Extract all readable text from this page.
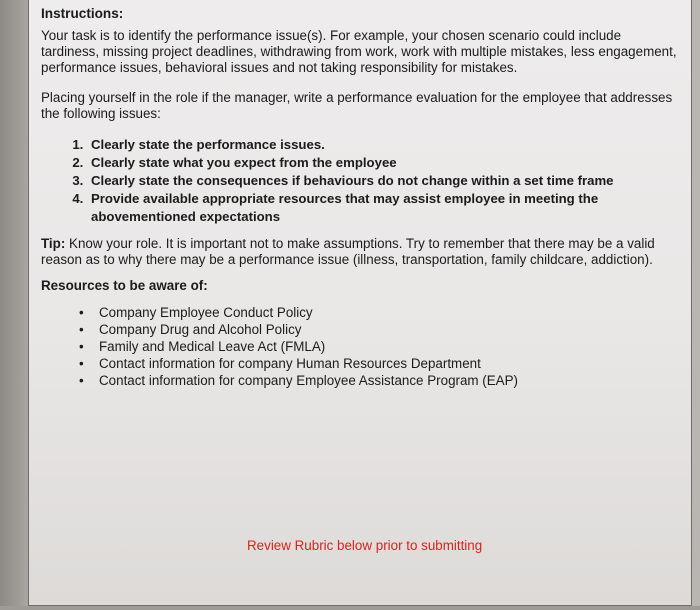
Instructions:

Your task is to identify the performance issue(s). For example, your chosen scenario could include tardiness, missing project deadlines, withdrawing from work, work with multiple mistakes, less engagement, performance issues, behavioral issues and not taking responsibility for mistakes.

Placing yourself in the role if the manager, write a performance evaluation for the employee that addresses the following issues:

1. Clearly state the performance issues.
2. Clearly state what you expect from the employee
3. Clearly state the consequences if behaviours do not change within a set time frame
4. Provide available appropriate resources that may assist employee in meeting the abovementioned expectations

Tip: Know your role. It is important not to make assumptions. Try to remember that there may be a valid reason as to why there may be a performance issue (illness, transportation, family childcare, addiction).

Resources to be aware of:
• Company Employee Conduct Policy
• Company Drug and Alcohol Policy
• Family and Medical Leave Act (FMLA)
• Contact information for company Human Resources Department
• Contact information for company Employee Assistance Program (EAP)
Review Rubric below prior to submitting
